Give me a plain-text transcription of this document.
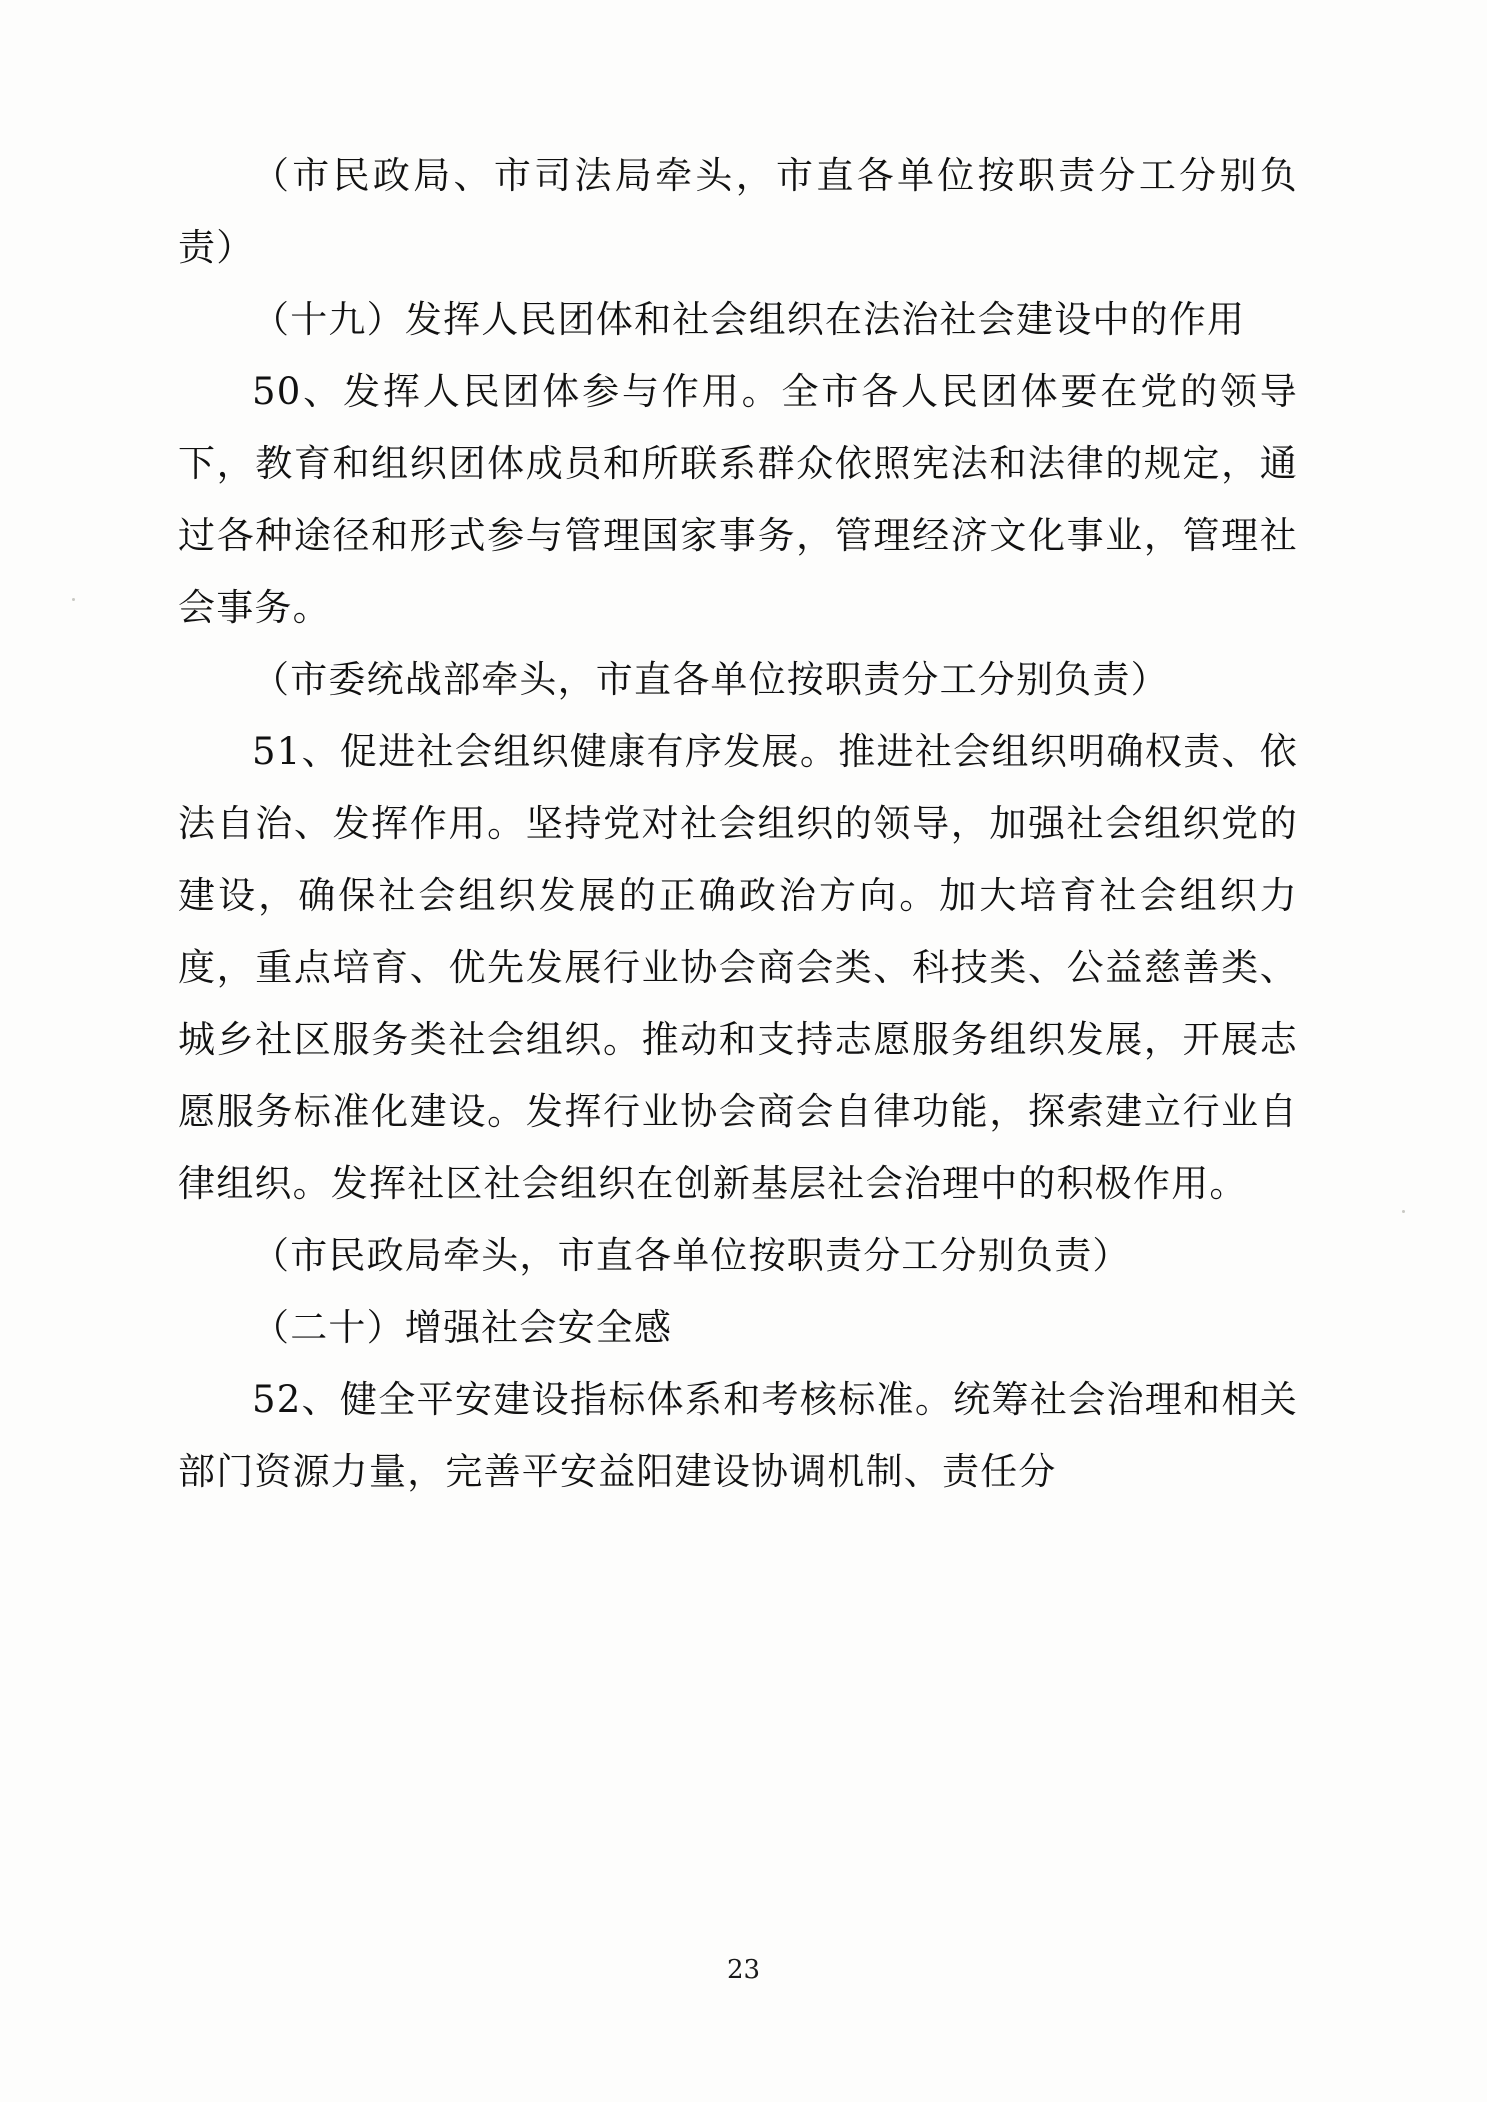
（市民政局、市司法局牵头，市直各单位按职责分工分别负责）

（十九）发挥人民团体和社会组织在法治社会建设中的作用

50、发挥人民团体参与作用。全市各人民团体要在党的领导下，教育和组织团体成员和所联系群众依照宪法和法律的规定，通过各种途径和形式参与管理国家事务，管理经济文化事业，管理社会事务。

（市委统战部牵头，市直各单位按职责分工分别负责）

51、促进社会组织健康有序发展。推进社会组织明确权责、依法自治、发挥作用。坚持党对社会组织的领导，加强社会组织党的建设，确保社会组织发展的正确政治方向。加大培育社会组织力度，重点培育、优先发展行业协会商会类、科技类、公益慈善类、城乡社区服务类社会组织。推动和支持志愿服务组织发展，开展志愿服务标准化建设。发挥行业协会商会自律功能，探索建立行业自律组织。发挥社区社会组织在创新基层社会治理中的积极作用。

（市民政局牵头，市直各单位按职责分工分别负责）

（二十）增强社会安全感

52、健全平安建设指标体系和考核标准。统筹社会治理和相关部门资源力量，完善平安益阳建设协调机制、责任分

23
